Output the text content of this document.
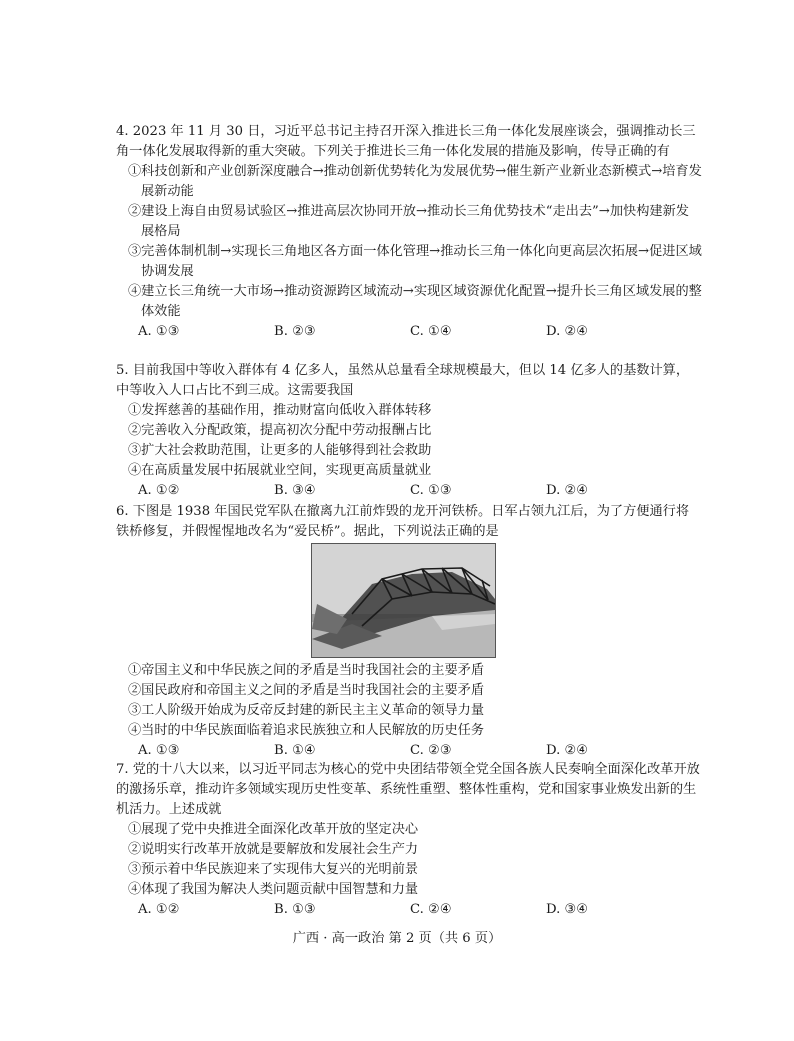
4. 2023 年 11 月 30 日，习近平总书记主持召开深入推进长三角一体化发展座谈会，强调推动长三角一体化发展取得新的重大突破。下列关于推进长三角一体化发展的措施及影响，传导正确的有
①科技创新和产业创新深度融合→推动创新优势转化为发展优势→催生新产业新业态新模式→培育发展新动能
②建设上海自由贸易试验区→推进高层次协同开放→推动长三角优势技术“走出去”→加快构建新发展格局
③完善体制机制→实现长三角地区各方面一体化管理→推动长三角一体化向更高层次拓展→促进区域协调发展
④建立长三角统一大市场→推动资源跨区域流动→实现区域资源优化配置→提升长三角区域发展的整体效能
A. ①③	B. ②③	C. ①④	D. ②④
5. 目前我国中等收入群体有 4 亿多人，虽然从总量看全球规模最大，但以 14 亿多人的基数计算，中等收入人口占比不到三成。这需要我国
①发挥慈善的基础作用，推动财富向低收入群体转移
②完善收入分配政策，提高初次分配中劳动报酬占比
③扩大社会救助范围，让更多的人能够得到社会救助
④在高质量发展中拓展就业空间，实现更高质量就业
A. ①②	B. ③④	C. ①③	D. ②④
6. 下图是 1938 年国民党军队在撤离九江前炸毁的龙开河铁桥。日军占领九江后，为了方便通行将铁桥修复，并假惺惺地改名为“爱民桥”。据此，下列说法正确的是
①帝国主义和中华民族之间的矛盾是当时我国社会的主要矛盾
②国民政府和帝国主义之间的矛盾是当时我国社会的主要矛盾
③工人阶级开始成为反帝反封建的新民主主义革命的领导力量
④当时的中华民族面临着追求民族独立和人民解放的历史任务
A. ①③	B. ①④	C. ②③	D. ②④
7. 党的十八大以来，以习近平同志为核心的党中央团结带领全党全国各族人民奏响全面深化改革开放的激扬乐章，推动许多领域实现历史性变革、系统性重塑、整体性重构，党和国家事业焕发出新的生机活力。上述成就
①展现了党中央推进全面深化改革开放的坚定决心
②说明实行改革开放就是要解放和发展社会生产力
③预示着中华民族迎来了实现伟大复兴的光明前景
④体现了我国为解决人类问题贡献中国智慧和力量
A. ①②	B. ①③	C. ②④	D. ③④
广西 · 高一政治 第 2 页（共 6 页）
